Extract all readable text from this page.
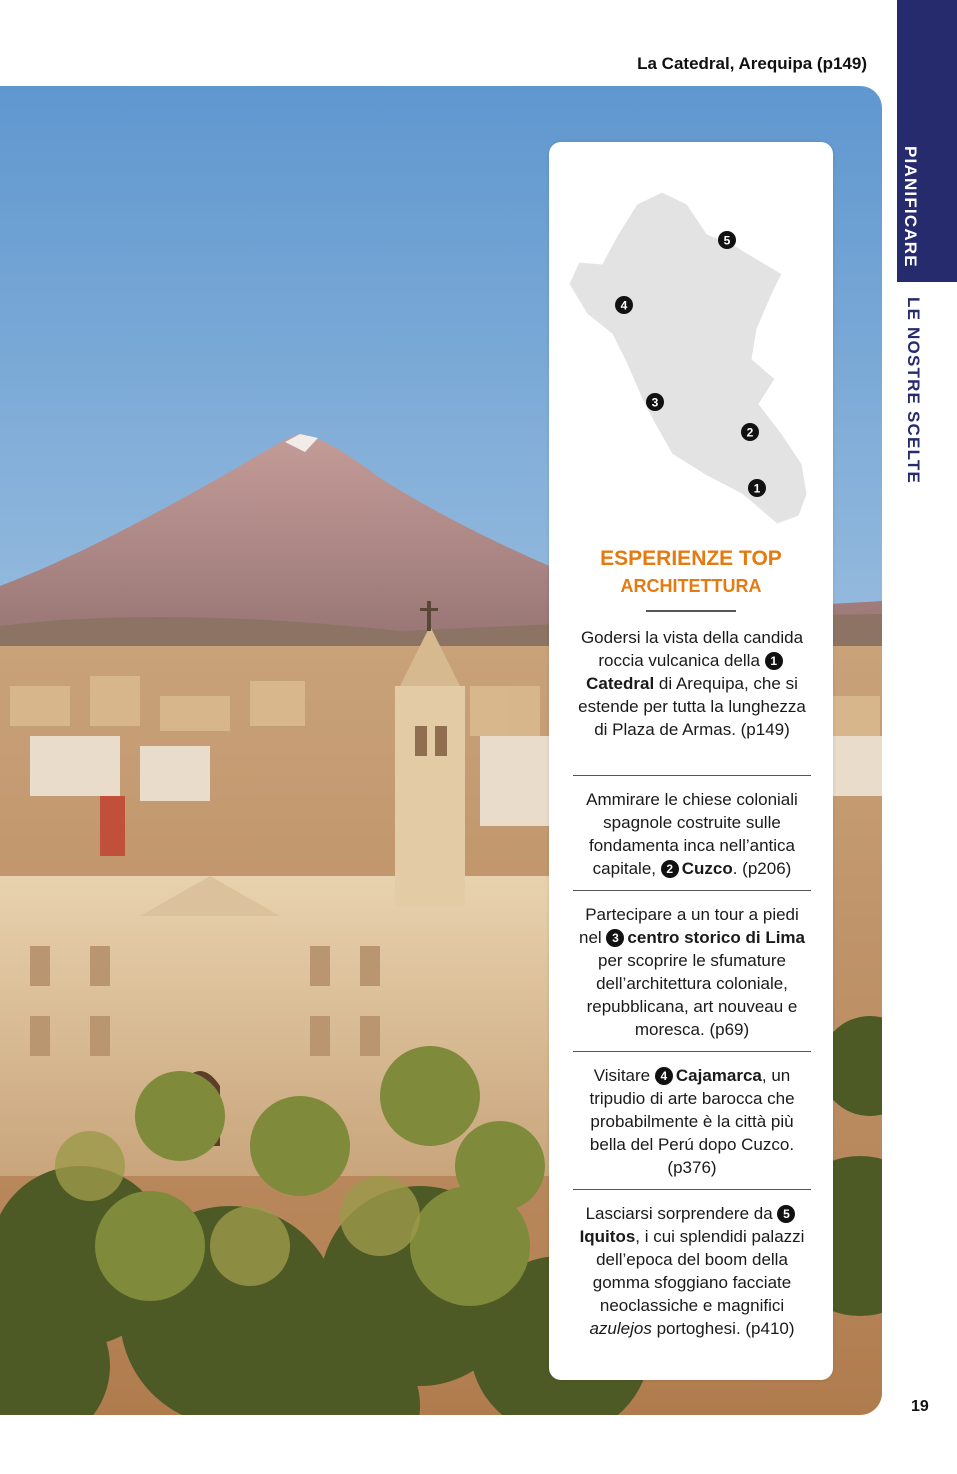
La Catedral, Arequipa (p149)
PIANIFICARE
LE NOSTRE SCELTE
5
4
3
2
1
ESPERIENZE TOP
ARCHITETTURA
Godersi la vista della candida roccia vulcanica della 1Catedral di Arequipa, che si estende per tutta la lunghezza di Plaza de Armas. (p149)
Ammirare le chiese coloniali spagnole costruite sulle fondamenta inca nell’antica capitale, 2 Cuzco. (p206)
Partecipare a un tour a piedi nel 3 centro storico di Lima per scoprire le sfumature dell’architettura coloniale, repubblicana, art nouveau e moresca. (p69)
Visitare 4 Cajamarca, un tripudio di arte barocca che probabilmente è la città più bella del Perú dopo Cuzco. (p376)
Lasciarsi sorprendere da 5Iquitos, i cui splendidi palazzi dell’epoca del boom della gomma sfoggiano facciate neoclassiche e magnifici azulejos portoghesi. (p410)
19
